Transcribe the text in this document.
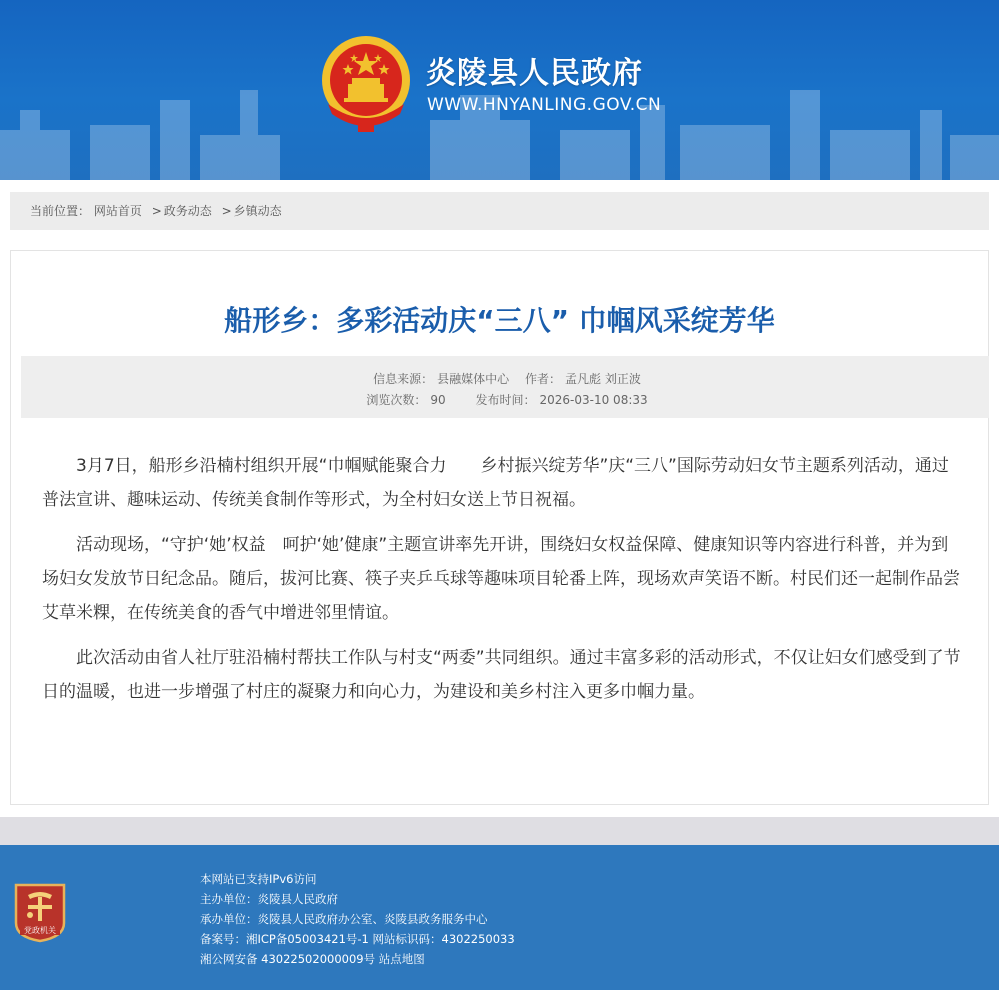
炎陵县人民政府
WWW.HNYANLING.GOV.CN
当前位置： 网站首页 > 政务动态 > 乡镇动态
船形乡：多彩活动庆“三八” 巾帼风采绽芳华
信息来源： 县融媒体中心 作者： 孟凡彪 刘正波
浏览次数： 90 发布时间： 2026-03-10 08:33

3月7日，船形乡沿楠村组织开展“巾帼赋能聚合力　　乡村振兴绽芳华”庆“三八”国际劳动妇女节主题系列活动，通过普法宣讲、趣味运动、传统美食制作等形式，为全村妇女送上节日祝福。

活动现场，“守护‘她’权益　呵护‘她’健康”主题宣讲率先开讲，围绕妇女权益保障、健康知识等内容进行科普，并为到场妇女发放节日纪念品。随后，拔河比赛、筷子夹乒乓球等趣味项目轮番上阵，现场欢声笑语不断。村民们还一起制作品尝艾草米粿，在传统美食的香气中增进邻里情谊。

此次活动由省人社厅驻沿楠村帮扶工作队与村支“两委”共同组织。通过丰富多彩的活动形式，不仅让妇女们感受到了节日的温暖，也进一步增强了村庄的凝聚力和向心力，为建设和美乡村注入更多巾帼力量。

党政机关
本网站已支持IPv6访问
主办单位：炎陵县人民政府
承办单位：炎陵县人民政府办公室、炎陵县政务服务中心
备案号：湘ICP备05003421号-1 网站标识码：4302250033
湘公网安备 43022502000009号 站点地图
